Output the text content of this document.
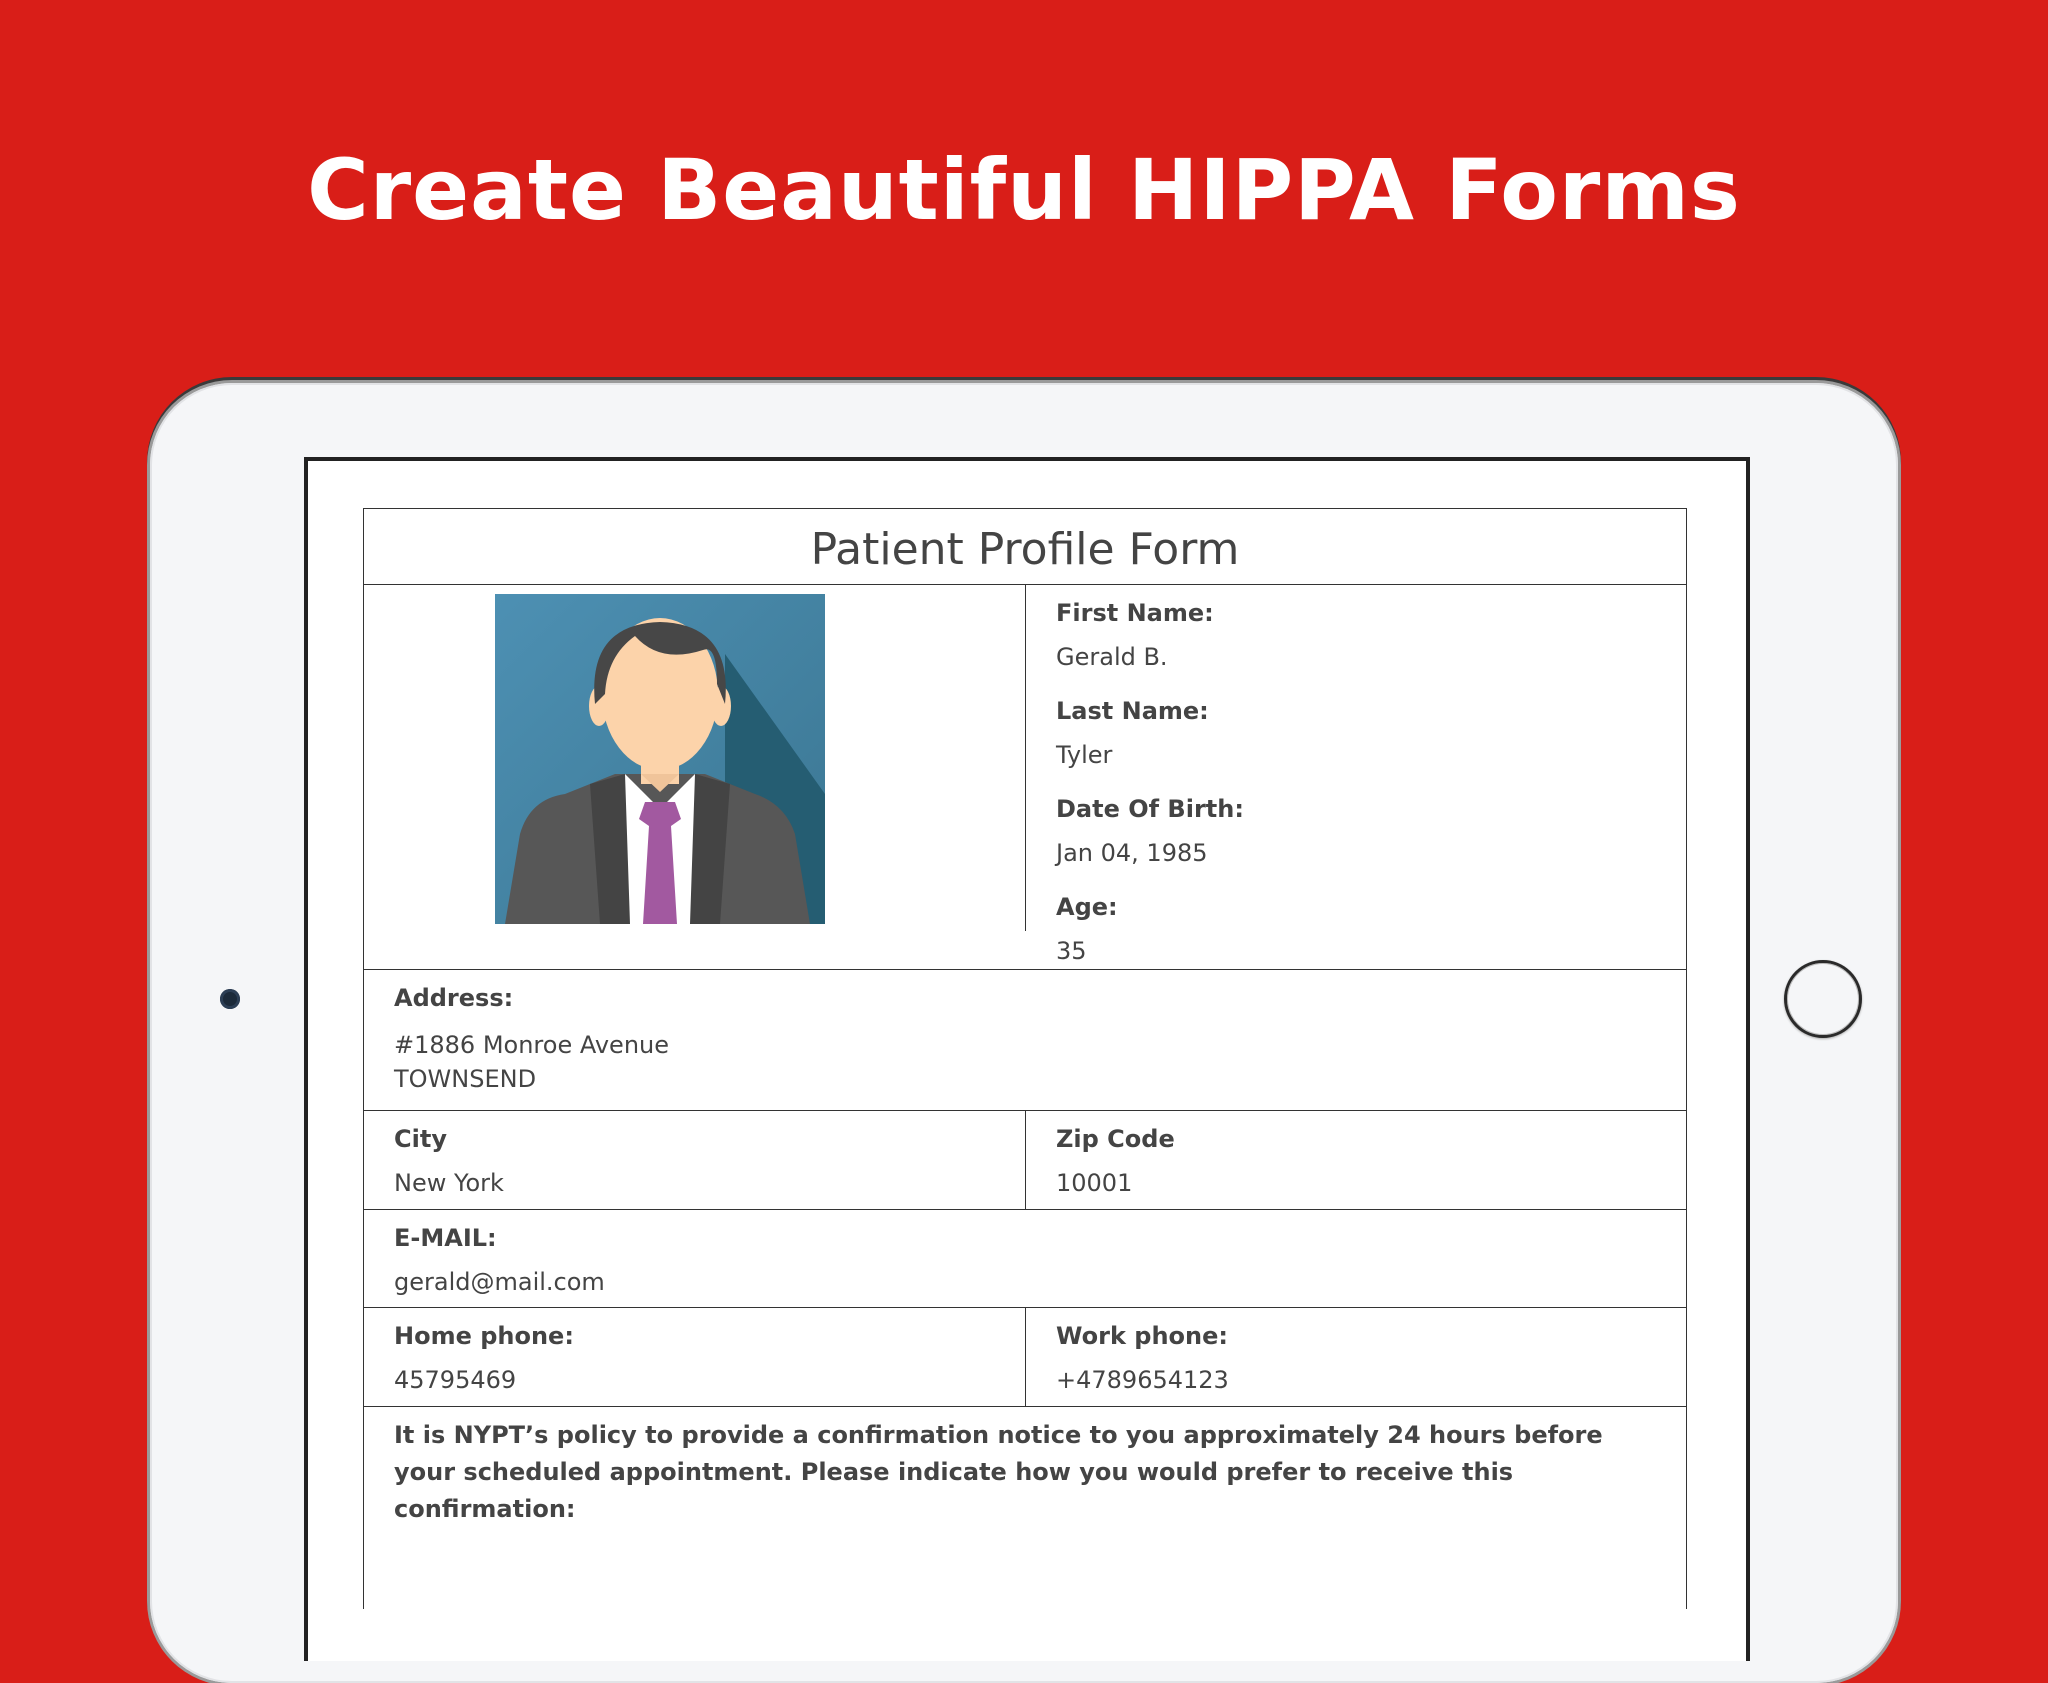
Create Beautiful HIPPA Forms
Patient Profile Form
First Name:
Gerald B.
Last Name:
Tyler
Date Of Birth:
Jan 04, 1985
Age:
35
Address:
#1886 Monroe Avenue
TOWNSEND
City
New York
Zip Code
10001
E-MAIL:
gerald@mail.com
Home phone:
45795469
Work phone:
+4789654123
It is NYPT’s policy to provide a confirmation notice to you approximately 24 hours before your scheduled appointment. Please indicate how you would prefer to receive this confirmation:
